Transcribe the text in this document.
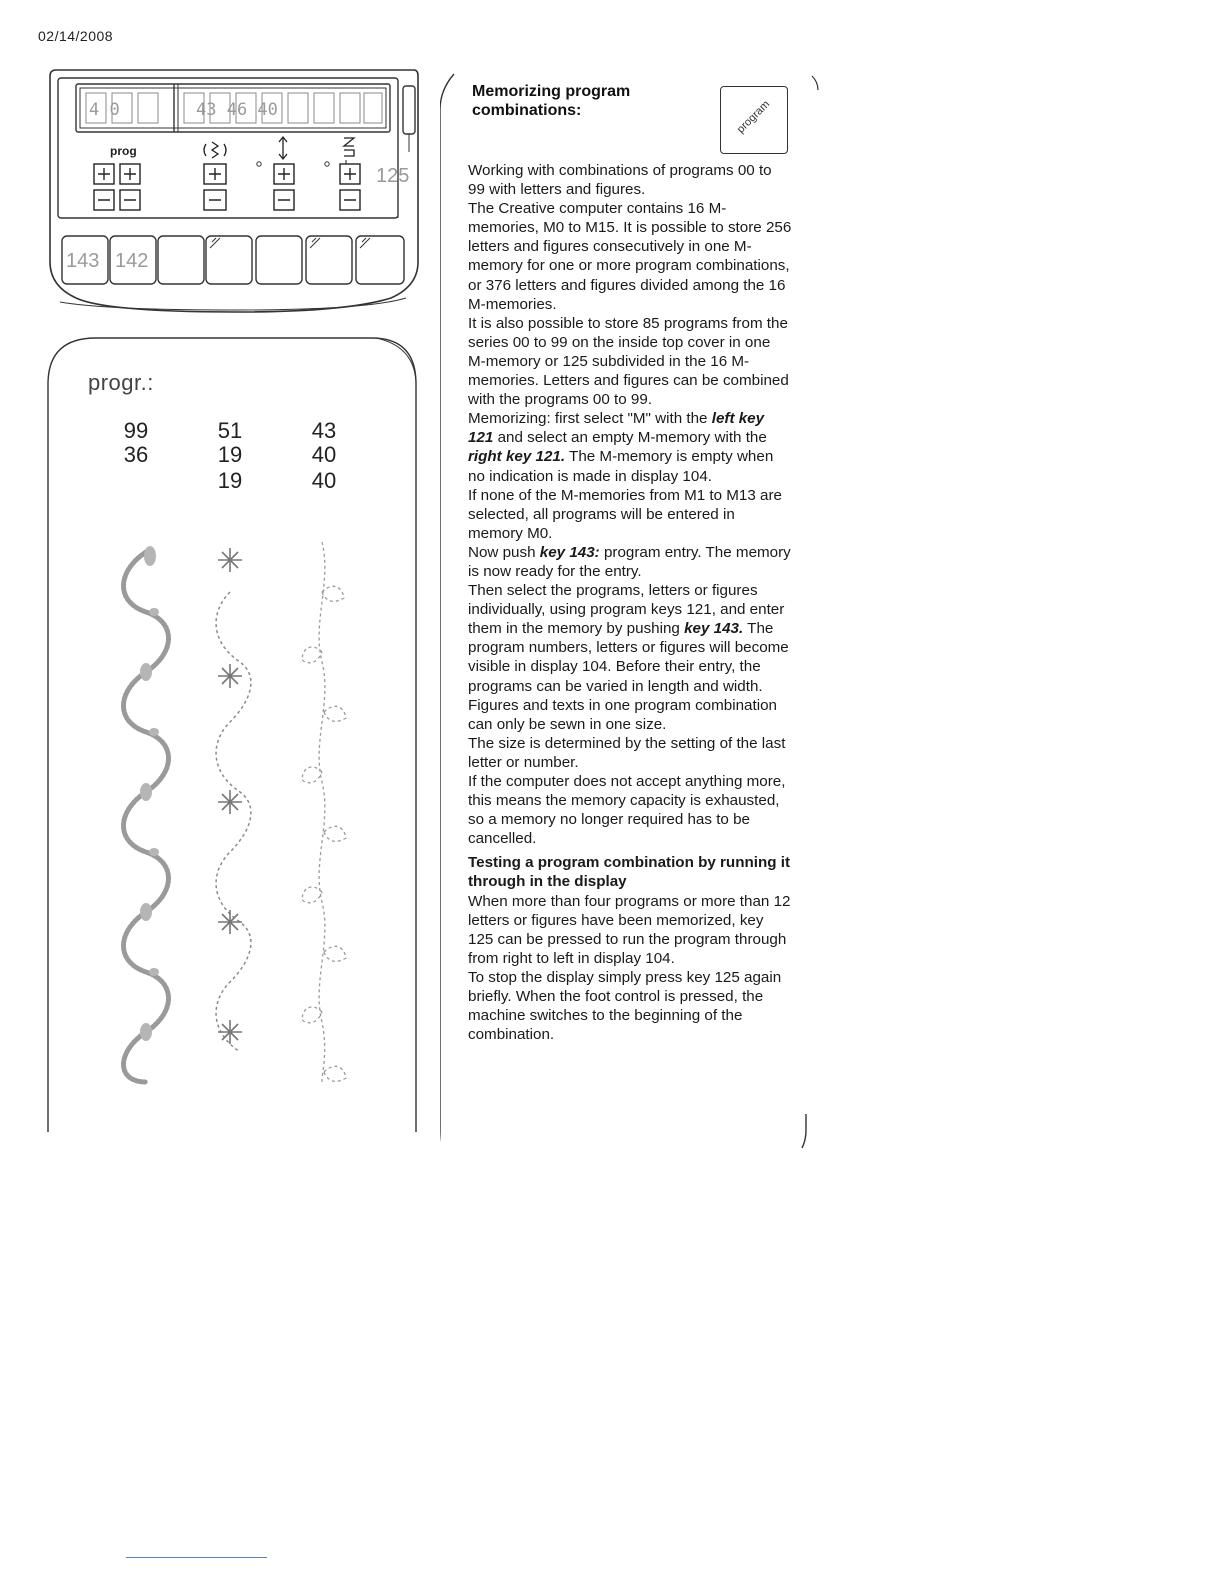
02/14/2008
4 0	43 46 40
prog
125
143 142
progr.:
99
36
51
19
19
43
40
40
Memorizing program combinations:	program

Working with combinations of programs 00 to 99 with letters and figures.

The Creative computer contains 16 M-memories, M0 to M15. It is possible to store 256 letters and figures consecutively in one M-memory for one or more program combinations, or 376 letters and figures divided among the 16 M-memories.

It is also possible to store 85 programs from the series 00 to 99 on the inside top cover in one M-memory or 125 subdivided in the 16 M-memories. Letters and figures can be combined with the programs 00 to 99.

Memorizing: first select "M" with the left key 121 and select an empty M-memory with the right key 121. The M-memory is empty when no indication is made in display 104.

If none of the M-memories from M1 to M13 are selected, all programs will be entered in memory M0.

Now push key 143: program entry. The memory is now ready for the entry.

Then select the programs, letters or figures individually, using program keys 121, and enter them in the memory by pushing key 143. The program numbers, letters or figures will become visible in display 104. Before their entry, the programs can be varied in length and width.

Figures and texts in one program combination can only be sewn in one size.

The size is determined by the setting of the last letter or number.

If the computer does not accept anything more, this means the memory capacity is exhausted, so a memory no longer required has to be cancelled.

Testing a program combination by running it through in the display

When more than four programs or more than 12 letters or figures have been memorized, key 125 can be pressed to run the program through from right to left in display 104.

To stop the display simply press key 125 again briefly. When the foot control is pressed, the machine switches to the beginning of the combination.
